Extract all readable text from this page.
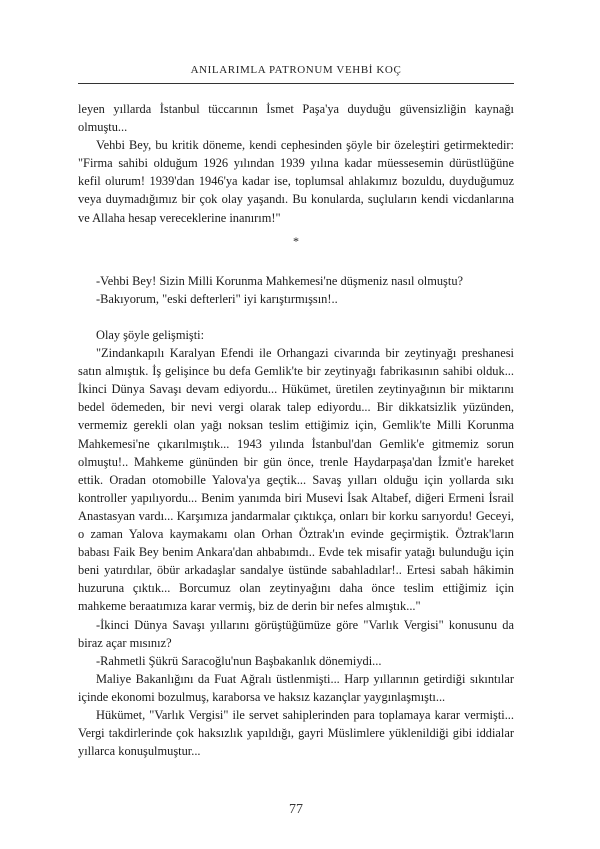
ANILARIMLA PATRONUM VEHBİ KOÇ

leyen yıllarda İstanbul tüccarının İsmet Paşa'ya duyduğu güvensizliğin kaynağı olmuştu...

Vehbi Bey, bu kritik döneme, kendi cephesinden şöyle bir özeleştiri getirmektedir: "Firma sahibi olduğum 1926 yılından 1939 yılına kadar müessesemin dürüstlüğüne kefil olurum! 1939'dan 1946'ya kadar ise, toplumsal ahlakımız bozuldu, duyduğumuz veya duymadığımız bir çok olay yaşandı. Bu konularda, suçluların kendi vicdanlarına ve Allaha hesap vereceklerine inanırım!"

*

-Vehbi Bey! Sizin Milli Korunma Mahkemesi'ne düşmeniz nasıl olmuştu?

-Bakıyorum, "eski defterleri" iyi karıştırmışsın!..

Olay şöyle gelişmişti:

"Zindankapılı Karalyan Efendi ile Orhangazi civarında bir zeytinyağı preshanesi satın almıştık. İş gelişince bu defa Gemlik'te bir zeytinyağı fabrikasının sahibi olduk... İkinci Dünya Savaşı devam ediyordu... Hükümet, üretilen zeytinyağının bir miktarını bedel ödemeden, bir nevi vergi olarak talep ediyordu... Bir dikkatsizlik yüzünden, vermemiz gerekli olan yağı noksan teslim ettiğimiz için, Gemlik'te Milli Korunma Mahkemesi'ne çıkarılmıştık... 1943 yılında İstanbul'dan Gemlik'e gitmemiz sorun olmuştu!.. Mahkeme gününden bir gün önce, trenle Haydarpaşa'dan İzmit'e hareket ettik. Oradan otomobille Yalova'ya geçtik... Savaş yılları olduğu için yollarda sıkı kontroller yapılıyordu... Benim yanımda biri Musevi İsak Altabef, diğeri Ermeni İsrail Anastasyan vardı... Karşımıza jandarmalar çıktıkça, onları bir korku sarıyordu! Geceyi, o zaman Yalova kaymakamı olan Orhan Öztrak'ın evinde geçirmiştik. Öztrak'ların babası Faik Bey benim Ankara'dan ahbabımdı.. Evde tek misafir yatağı bulunduğu için beni yatırdılar, öbür arkadaşlar sandalye üstünde sabahladılar!.. Ertesi sabah hâkimin huzuruna çıktık... Borcumuz olan zeytinyağını daha önce teslim ettiğimiz için mahkeme beraatımıza karar vermiş, biz de derin bir nefes almıştık..."

-İkinci Dünya Savaşı yıllarını görüştüğümüze göre "Varlık Vergisi" konusunu da biraz açar mısınız?

-Rahmetli Şükrü Saracoğlu'nun Başbakanlık dönemiydi...

Maliye Bakanlığını da Fuat Ağralı üstlenmişti... Harp yıllarının getirdiği sıkıntılar içinde ekonomi bozulmuş, karaborsa ve haksız kazançlar yaygınlaşmıştı...

Hükümet, "Varlık Vergisi" ile servet sahiplerinden para toplamaya karar vermişti... Vergi takdirlerinde çok haksızlık yapıldığı, gayri Müslimlere yüklenildiği gibi iddialar yıllarca konuşulmuştur...

77
